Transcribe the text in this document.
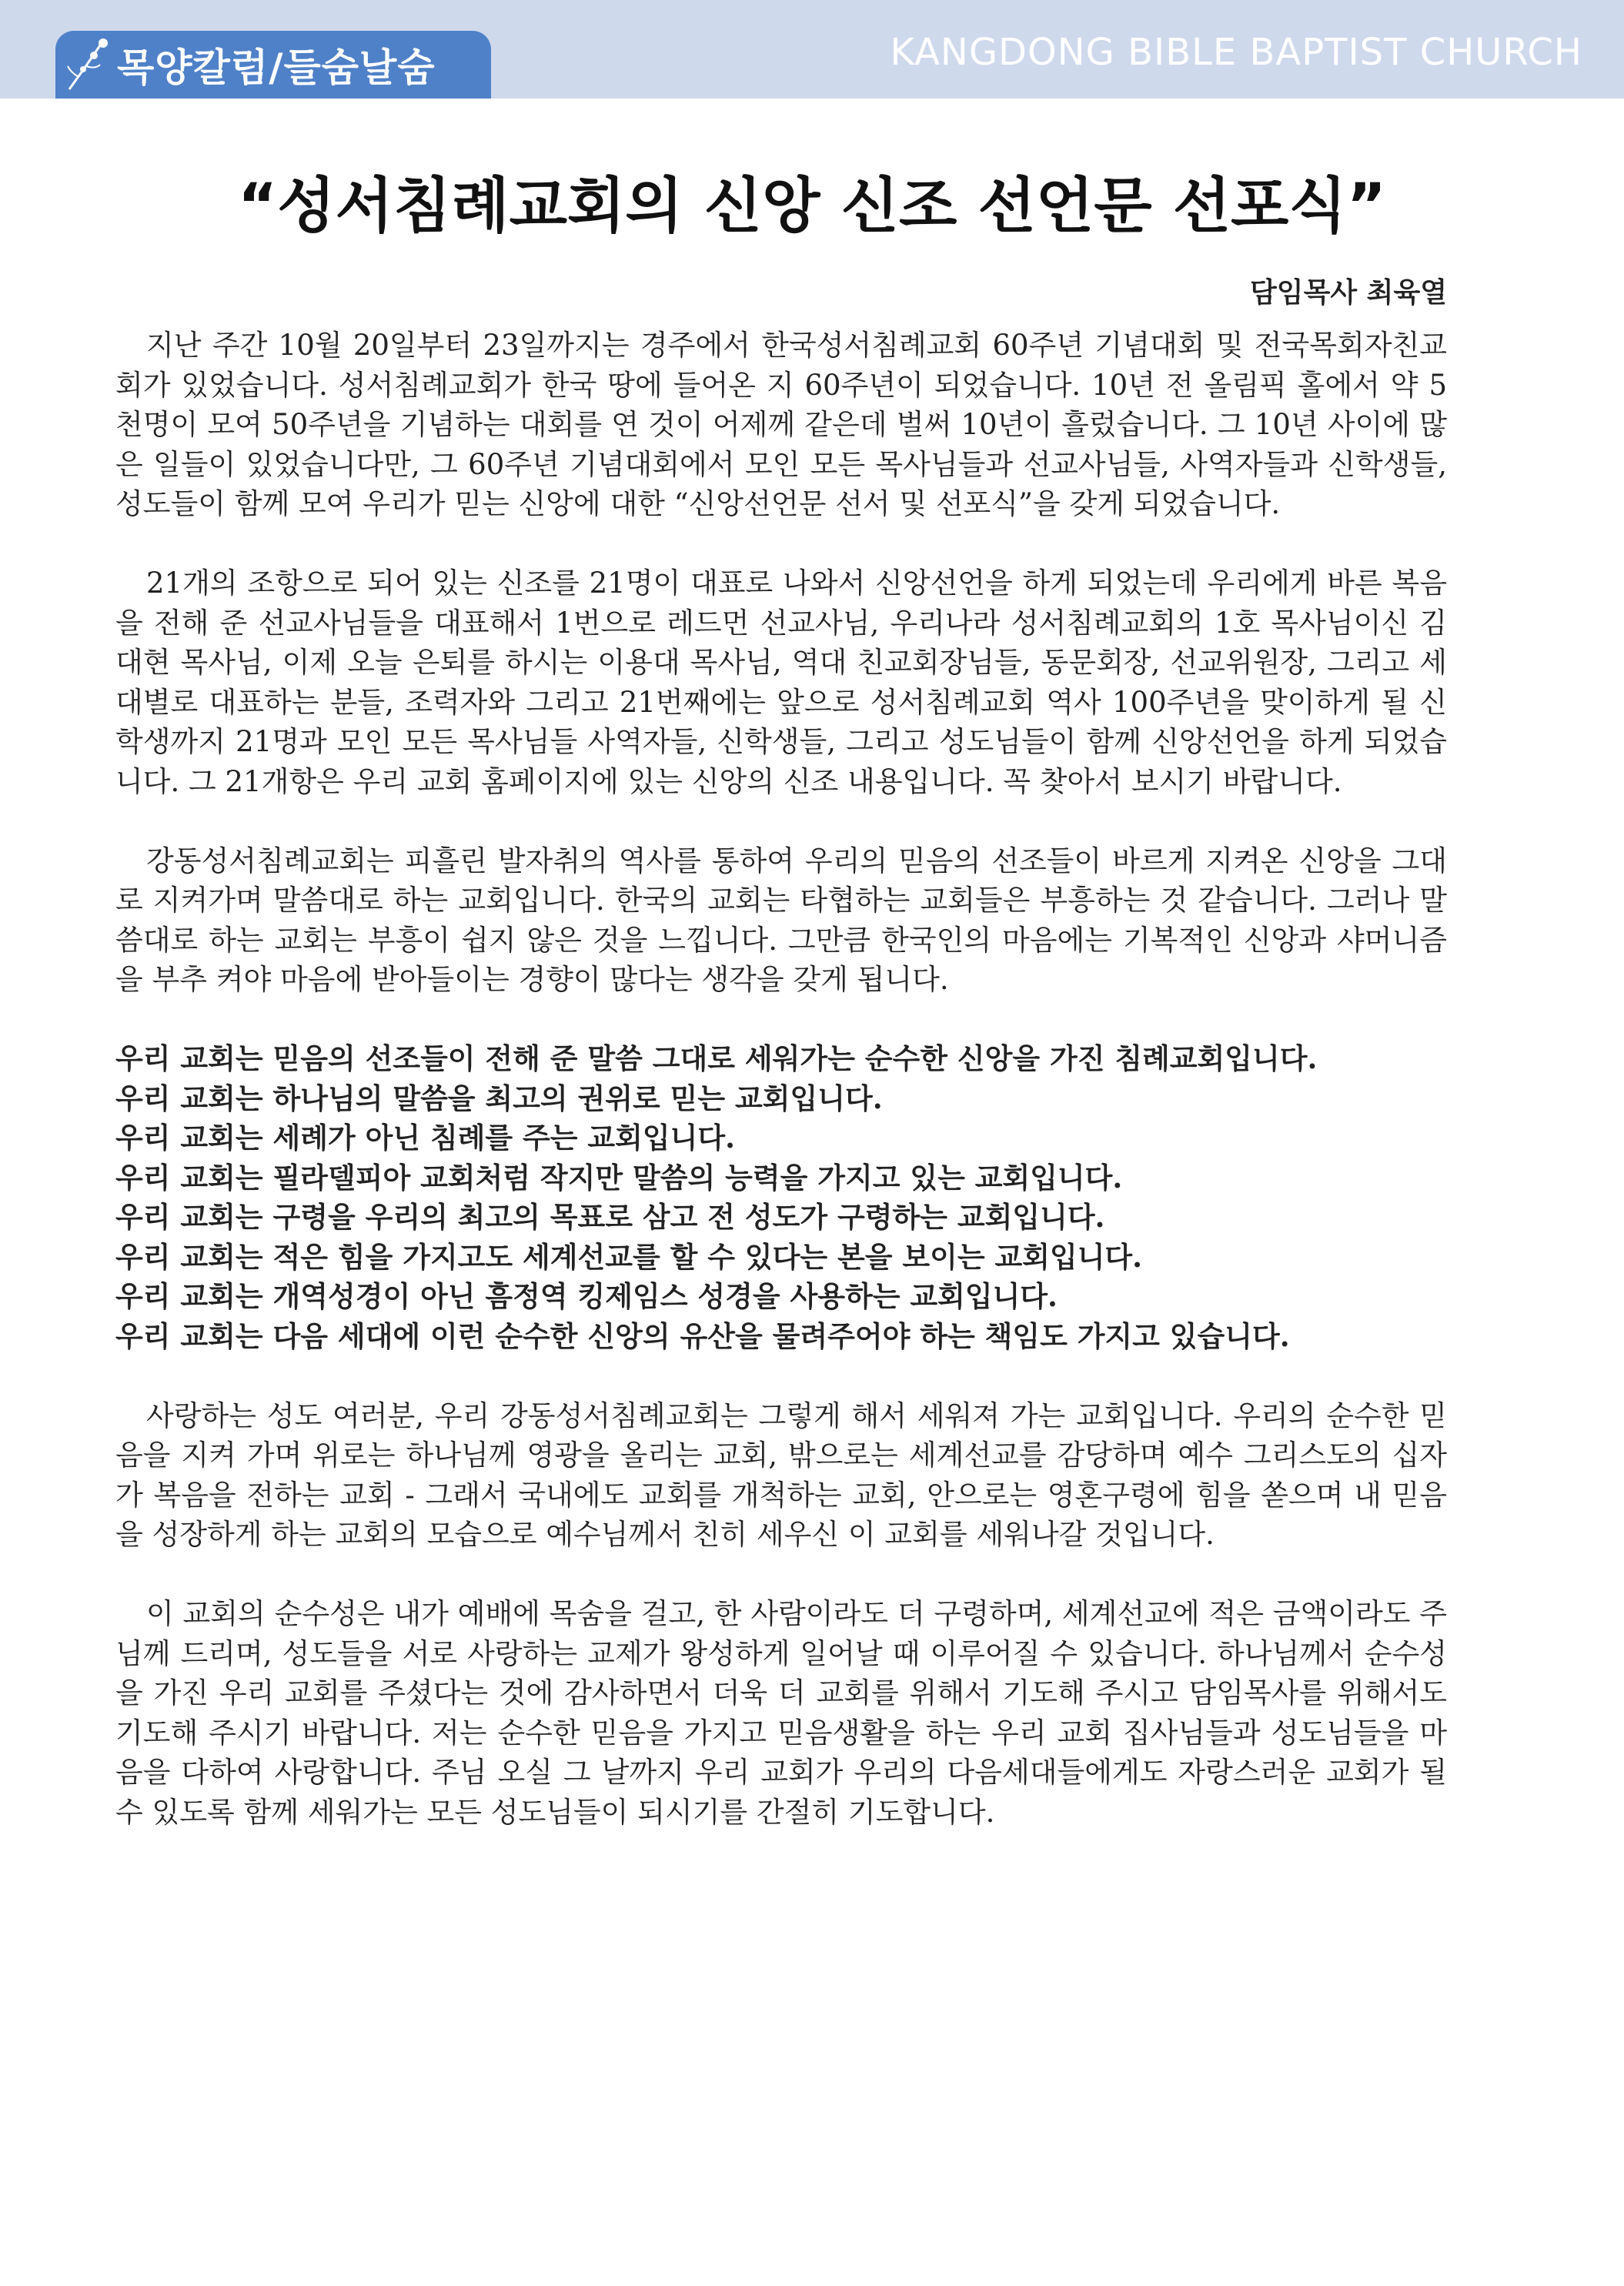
목양칼럼/들숨날숨	KANGDONG BIBLE BAPTIST CHURCH
“성서침례교회의 신앙 신조 선언문 선포식”
담임목사 최육열

지난 주간 10월 20일부터 23일까지는 경주에서 한국성서침례교회 60주년 기념대회 및 전국목회자친교회가 있었습니다. 성서침례교회가 한국 땅에 들어온 지 60주년이 되었습니다. 10년 전 올림픽 홀에서 약 5천명이 모여 50주년을 기념하는 대회를 연 것이 어제께 같은데 벌써 10년이 흘렀습니다. 그 10년 사이에 많은 일들이 있었습니다만, 그 60주년 기념대회에서 모인 모든 목사님들과 선교사님들, 사역자들과 신학생들, 성도들이 함께 모여 우리가 믿는 신앙에 대한 “신앙선언문 선서 및 선포식”을 갖게 되었습니다.

21개의 조항으로 되어 있는 신조를 21명이 대표로 나와서 신앙선언을 하게 되었는데 우리에게 바른 복음을 전해 준 선교사님들을 대표해서 1번으로 레드먼 선교사님, 우리나라 성서침례교회의 1호 목사님이신 김대현 목사님, 이제 오늘 은퇴를 하시는 이용대 목사님, 역대 친교회장님들, 동문회장, 선교위원장, 그리고 세대별로 대표하는 분들, 조력자와 그리고 21번째에는 앞으로 성서침례교회 역사 100주년을 맞이하게 될 신학생까지 21명과 모인 모든 목사님들 사역자들, 신학생들, 그리고 성도님들이 함께 신앙선언을 하게 되었습니다. 그 21개항은 우리 교회 홈페이지에 있는 신앙의 신조 내용입니다. 꼭 찾아서 보시기 바랍니다.

강동성서침례교회는 피흘린 발자취의 역사를 통하여 우리의 믿음의 선조들이 바르게 지켜온 신앙을 그대로 지켜가며 말씀대로 하는 교회입니다. 한국의 교회는 타협하는 교회들은 부흥하는 것 같습니다. 그러나 말씀대로 하는 교회는 부흥이 쉽지 않은 것을 느낍니다. 그만큼 한국인의 마음에는 기복적인 신앙과 샤머니즘을 부추 켜야 마음에 받아들이는 경향이 많다는 생각을 갖게 됩니다.

우리 교회는 믿음의 선조들이 전해 준 말씀 그대로 세워가는 순수한 신앙을 가진 침례교회입니다.
우리 교회는 하나님의 말씀을 최고의 권위로 믿는 교회입니다.
우리 교회는 세례가 아닌 침례를 주는 교회입니다.
우리 교회는 필라델피아 교회처럼 작지만 말씀의 능력을 가지고 있는 교회입니다.
우리 교회는 구령을 우리의 최고의 목표로 삼고 전 성도가 구령하는 교회입니다.
우리 교회는 적은 힘을 가지고도 세계선교를 할 수 있다는 본을 보이는 교회입니다.
우리 교회는 개역성경이 아닌 흠정역 킹제임스 성경을 사용하는 교회입니다.
우리 교회는 다음 세대에 이런 순수한 신앙의 유산을 물려주어야 하는 책임도 가지고 있습니다.

사랑하는 성도 여러분, 우리 강동성서침례교회는 그렇게 해서 세워져 가는 교회입니다. 우리의 순수한 믿음을 지켜 가며 위로는 하나님께 영광을 올리는 교회, 밖으로는 세계선교를 감당하며 예수 그리스도의 십자가 복음을 전하는 교회 - 그래서 국내에도 교회를 개척하는 교회, 안으로는 영혼구령에 힘을 쏟으며 내 믿음을 성장하게 하는 교회의 모습으로 예수님께서 친히 세우신 이 교회를 세워나갈 것입니다.

이 교회의 순수성은 내가 예배에 목숨을 걸고, 한 사람이라도 더 구령하며, 세계선교에 적은 금액이라도 주님께 드리며, 성도들을 서로 사랑하는 교제가 왕성하게 일어날 때 이루어질 수 있습니다. 하나님께서 순수성을 가진 우리 교회를 주셨다는 것에 감사하면서 더욱 더 교회를 위해서 기도해 주시고 담임목사를 위해서도 기도해 주시기 바랍니다. 저는 순수한 믿음을 가지고 믿음생활을 하는 우리 교회 집사님들과 성도님들을 마음을 다하여 사랑합니다. 주님 오실 그 날까지 우리 교회가 우리의 다음세대들에게도 자랑스러운 교회가 될 수 있도록 함께 세워가는 모든 성도님들이 되시기를 간절히 기도합니다.
